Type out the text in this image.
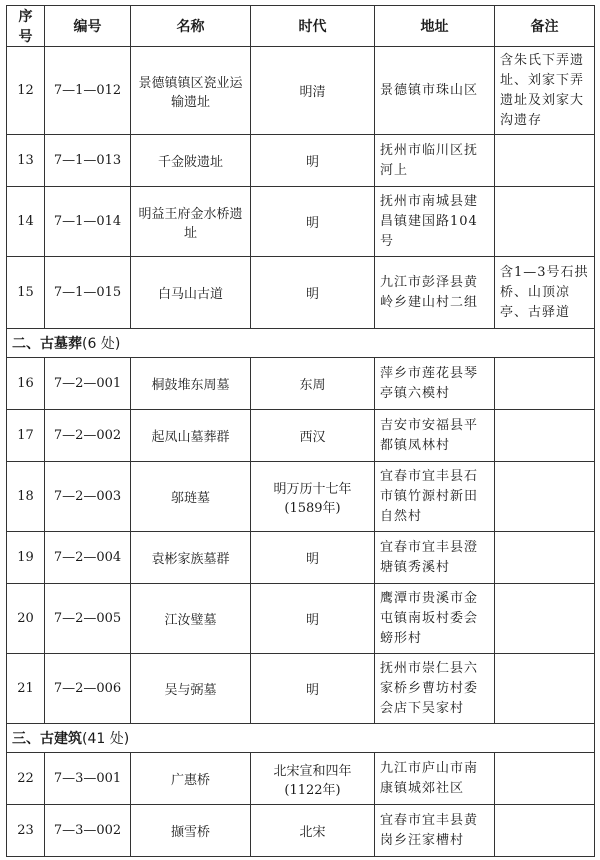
序号	编号	名称	时代	地址	备注
12	7—1—012	景德镇镇区瓷业运输遗址	明清	景德镇市珠山区	含朱氏下弄遗址、刘家下弄遗址及刘家大沟遗存
13	7—1—013	千金陂遗址	明	抚州市临川区抚河上	
14	7—1—014	明益王府金水桥遗址	明	抚州市南城县建昌镇建国路104号	
15	7—1—015	白马山古道	明	九江市彭泽县黄岭乡建山村二组	含1—3号石拱桥、山顶凉亭、古驿道
二、古墓葬(6 处)					
16	7—2—001	桐鼓堆东周墓	东周	萍乡市莲花县琴亭镇六模村	
17	7—2—002	起凤山墓葬群	西汉	吉安市安福县平都镇凤林村	
18	7—2—003	邬琏墓	明万历十七年(1589年)	宜春市宜丰县石市镇竹源村新田自然村	
19	7—2—004	袁彬家族墓群	明	宜春市宜丰县澄塘镇秀溪村	
20	7—2—005	江汝璧墓	明	鹰潭市贵溪市金屯镇南坂村委会螃形村	
21	7—2—006	吴与弼墓	明	抚州市崇仁县六家桥乡曹坊村委会店下吴家村	
三、古建筑(41 处)					
22	7—3—001	广惠桥	北宋宣和四年(1122年)	九江市庐山市南康镇城郊社区	
23	7—3—002	撷雪桥	北宋	宜春市宜丰县黄岗乡汪家槽村	
